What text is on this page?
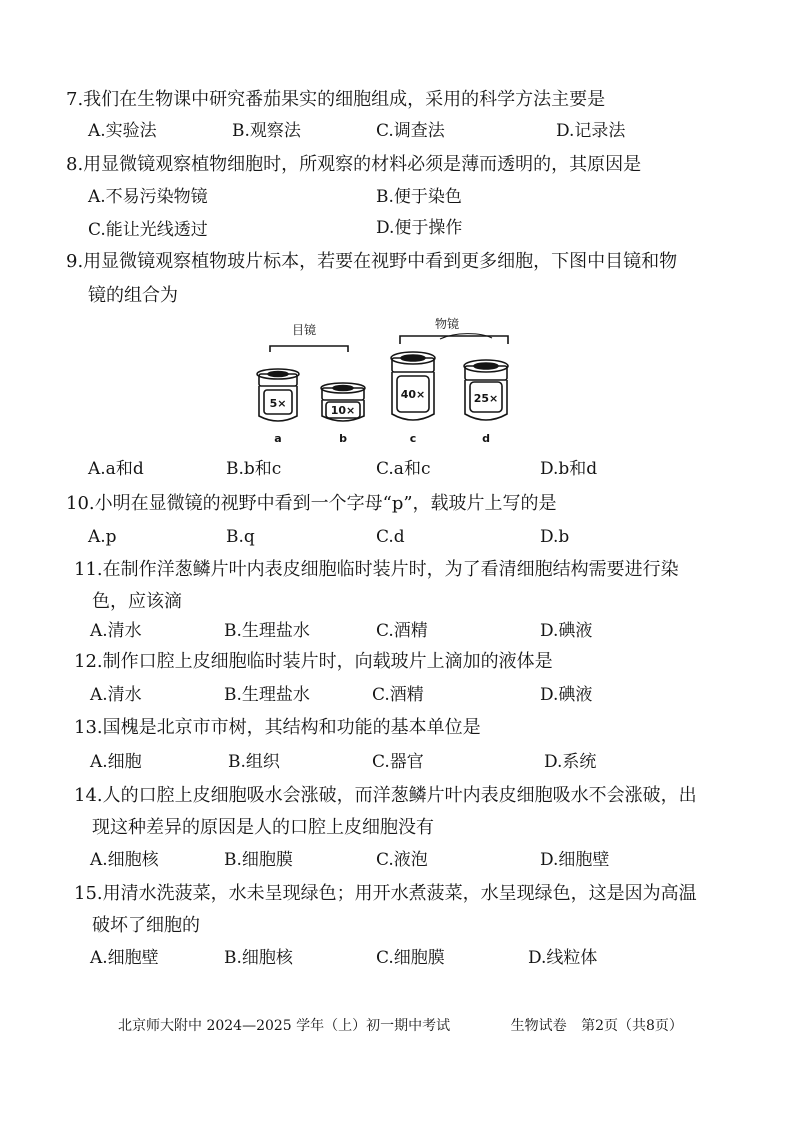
7.我们在生物课中研究番茄果实的细胞组成，采用的科学方法主要是
A.实验法	B.观察法	C.调查法	D.记录法
8.用显微镜观察植物细胞时，所观察的材料必须是薄而透明的，其原因是
A.不易污染物镜	B.便于染色
C.能让光线透过	D.便于操作
9.用显微镜观察植物玻片标本，若要在视野中看到更多细胞，下图中目镜和物
镜的组合为
目镜	物镜
5×
10×
40×	25×
a	b	c	d
A.a和d	B.b和c	C.a和c	D.b和d
10.小明在显微镜的视野中看到一个字母“p”，载玻片上写的是
A.p	B.q	C.d	D.b
11.在制作洋葱鳞片叶内表皮细胞临时装片时，为了看清细胞结构需要进行染
色，应该滴
A.清水	B.生理盐水	C.酒精	D.碘液
12.制作口腔上皮细胞临时装片时，向载玻片上滴加的液体是
A.清水	B.生理盐水	C.酒精	D.碘液
13.国槐是北京市市树，其结构和功能的基本单位是
A.细胞	B.组织	C.器官	D.系统
14.人的口腔上皮细胞吸水会涨破，而洋葱鳞片叶内表皮细胞吸水不会涨破，出
现这种差异的原因是人的口腔上皮细胞没有
A.细胞核	B.细胞膜	C.液泡	D.细胞壁
15.用清水洗菠菜，水未呈现绿色；用开水煮菠菜，水呈现绿色，这是因为高温
破坏了细胞的
A.细胞壁	B.细胞核	C.细胞膜	D.线粒体
北京师大附中 2024—2025 学年（上）初一期中考试	生物试卷 第2页（共8页）
